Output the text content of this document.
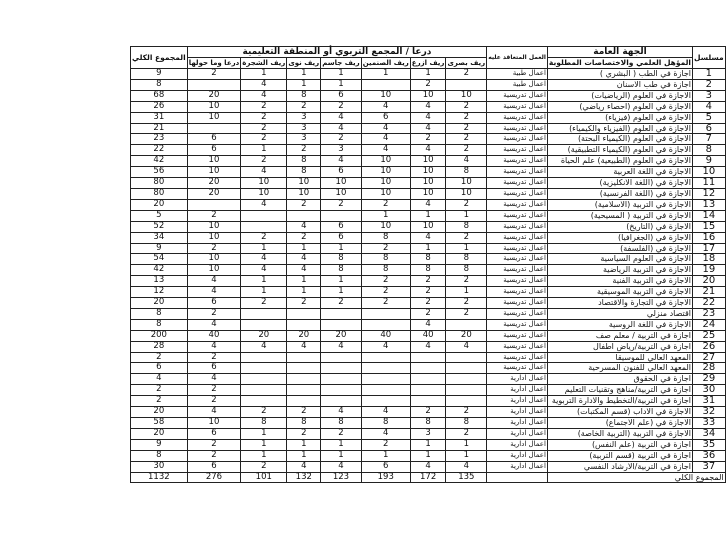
المجموع الكلي	درعا / المجمع التربوي أو المنطقة التعليمية							العمل المتعاقد عليه	الجهة العامة	مسلسل
	درعا وما حولها	ريف الشجرة	ريف نوى	ريف جاسم	ريف الصنمين	ريف ازرع	ريف بصرى		المؤهل العلمي والاختصاصات المطلوبة	
9	2	1	1	1	1	1	2	اعمال طبية	اجازة في الطب ( البشري )	1
8		4	1	1		2		اعمال طبية	اجازة في طب الاسنان	2
68	20	4	8	6	10	10	10	اعمال تدريسية	الاجازة في العلوم (الرياضيات)	3
26	10	2	2	2	4	4	2	اعمال تدريسية	الاجازة في العلوم (احصاء رياضي)	4
31	10	2	3	4	6	4	2	اعمال تدريسية	الاجازة في العلوم (فيزياء)	5
21		2	3	4	4	4	2	اعمال تدريسية	الاجازة في العلوم (الفيزياء والكيمياء)	6
23	6	2	3	2	4	2	2	اعمال تدريسية	الاجازة في العلوم (الكيمياء البحتة)	7
22	6	1	2	3	4	4	2	اعمال تدريسية	الاجازة في العلوم (الكيمياء التطبيقية)	8
42	10	2	8	4	10	10	4	اعمال تدريسية	الاجازة في العلوم (الطبيعية) علم الحياة	9
56	10	4	8	6	10	10	8	اعمال تدريسية	الاجازة في اللغة العربية	10
80	20	10	10	10	10	10	10	اعمال تدريسية	الاجازة في (اللغة الانكليزية)	11
80	20	10	10	10	10	10	10	اعمال تدريسية	الاجازة في (اللغة الفرنسية)	12
20		4	2	2	2	4	2	اعمال تدريسية	الاجازة في التربية (الاسلامية)	13
5	2				1	1	1	اعمال تدريسية	الاجازة في التربية ( المسيحية)	14
52	10		4	6	10	10	8	اعمال تدريسية	الاجازة في (التاريخ)	15
34	10	2	2	6	8	4	2	اعمال تدريسية	الاجازة في (الجغرافيا)	16
9	2	1	1	1	2	1	1	اعمال تدريسية	الاجازة في (الفلسفة)	17
54	10	4	4	8	8	8	8	اعمال تدريسية	الاجازة في العلوم السياسية	18
42	10	4	4	8	8	8	8	اعمال تدريسية	الاجازة في التربية الرياضية	19
13	4	1	1	1	2	2	2	اعمال تدريسية	الاجازة في التربية الفنية	20
12	4	1	1	1	2	2	1	اعمال تدريسية	الاجازة في التربية الموسيقية	21
20	6	2	2	2	2	2	2	اعمال تدريسية	الاجازة في التجارة والاقتصاد	22
8	2					2	2	اعمال تدريسية	اقتصاد منزلي	23
8	4					4		اعمال تدريسية	الاجازة في اللغة الروسية	24
200	40	20	20	20	40	40	20	اعمال تدريسية	اجازة في التربية / معلم صف	25
28	4	4	4	4	4	4	4	اعمال تدريسية	اجازة في التربية/رياض اطفال	26
2	2							اعمال تدريسية	المعهد العالي للموسيقا	27
6	6							اعمال تدريسية	المعهد العالي للفنون المسرحية	28
4	4							اعمال ادارية	اجازة في الحقوق	29
2	2							اعمال ادارية	اجازة في التربية/مناهج وتقنيات التعليم	30
2	2							اعمال ادارية	اجازة في التربية/التخطيط والادارة التربوية	31
20	4	2	2	4	4	2	2	اعمال ادارية	الاجازة في الاداب (قسم المكتبات)	32
58	10	8	8	8	8	8	8	اعمال ادارية	الاجازة في (علم الاجتماع)	33
20	6	1	2	2	4	3	2	اعمال ادارية	الاجازة في التربية (التربية الخاصة)	34
9	2	1	1	1	2	1	1	اعمال ادارية	اجازة في التربية (علم النفس)	35
8	2	1	1	1	1	1	1	اعمال ادارية	اجازة في التربية (قسم التربية)	36
30	6	2	4	4	6	4	4	اعمال ادارية	اجازة في التربية/الارشاد النفسي	37
1132	276	101	132	123	193	172	135		المجموع الكلي	
